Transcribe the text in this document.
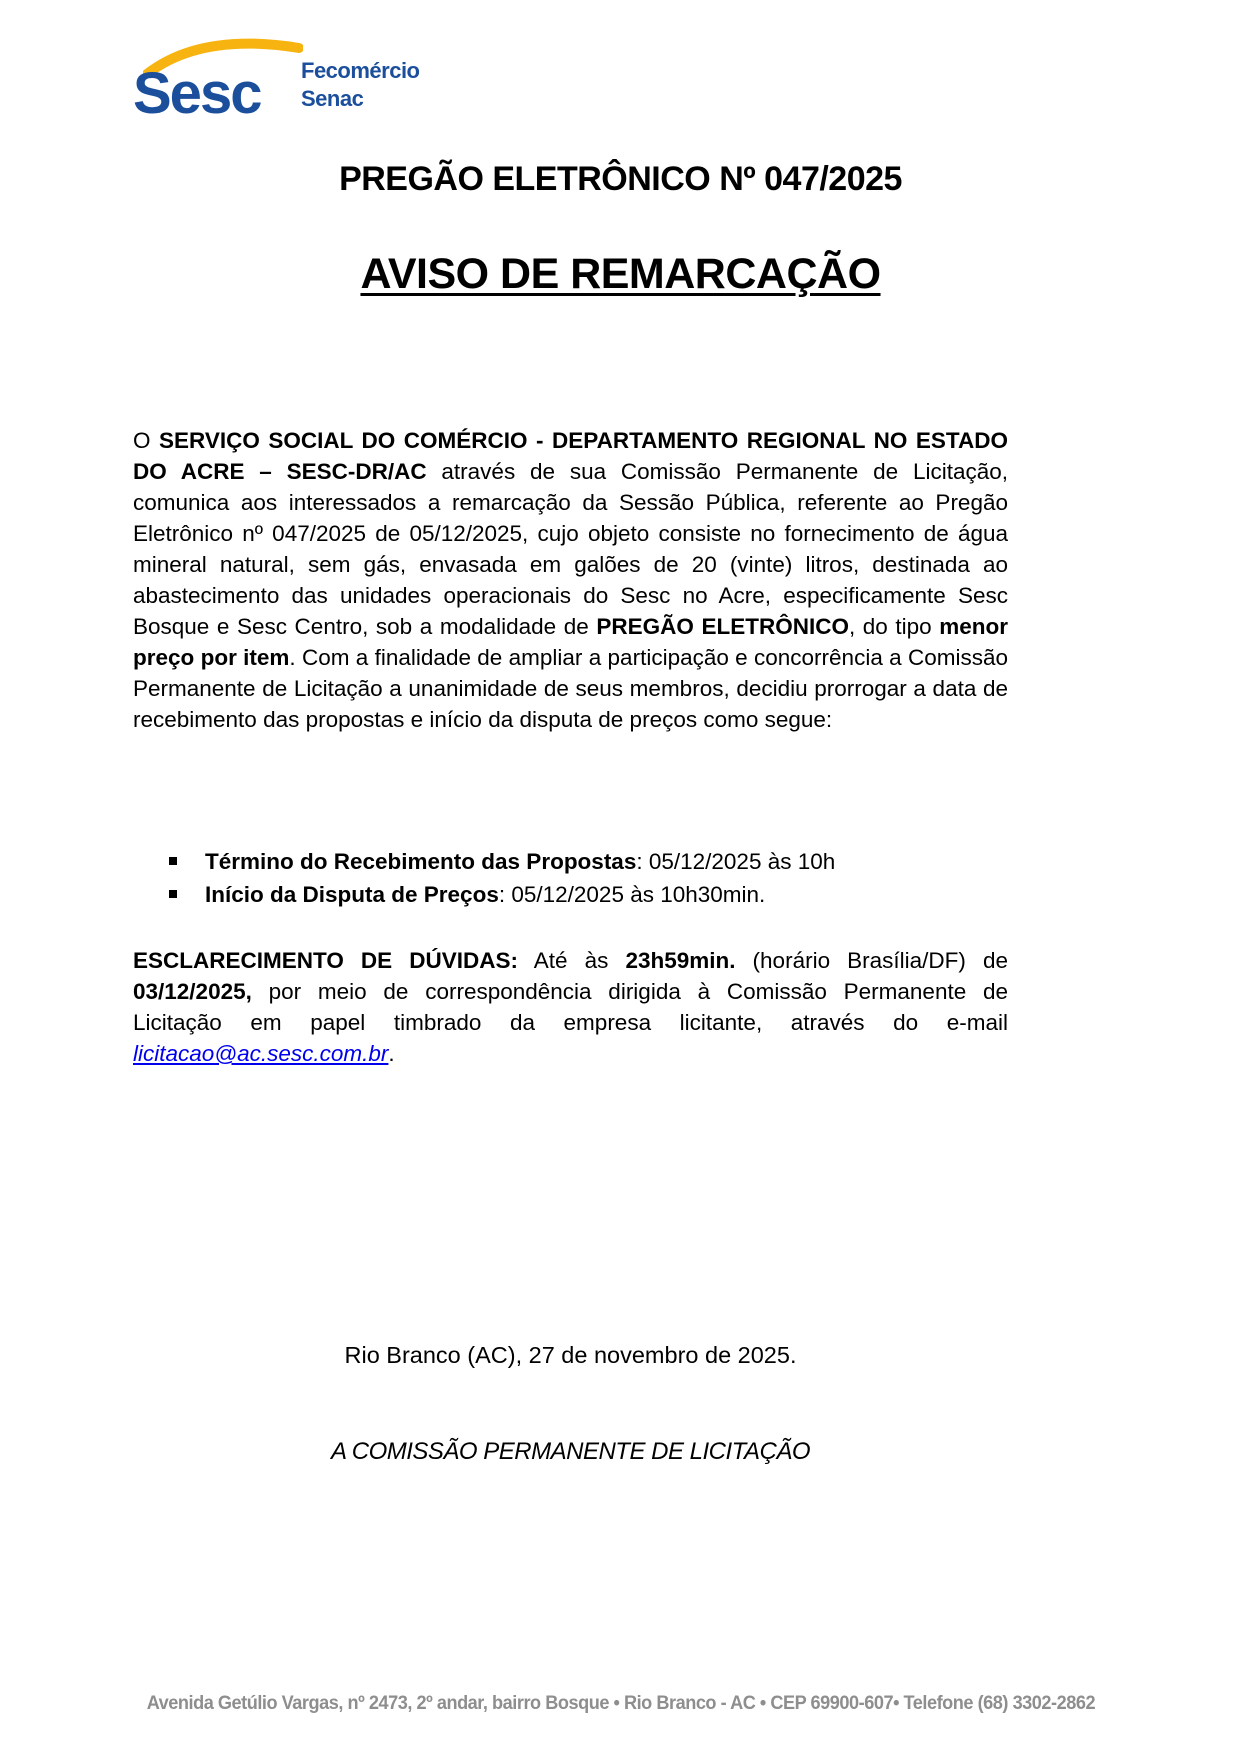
Sesc Fecomércio
Senac
PREGÃO ELETRÔNICO Nº 047/2025
AVISO DE REMARCAÇÃO

O SERVIÇO SOCIAL DO COMÉRCIO - DEPARTAMENTO REGIONAL NO ESTADO DO ACRE – SESC-DR/AC através de sua Comissão Permanente de Licitação, comunica aos interessados a remarcação da Sessão Pública, referente ao Pregão Eletrônico nº 047/2025 de 05/12/2025, cujo objeto consiste no fornecimento de água mineral natural, sem gás, envasada em galões de 20 (vinte) litros, destinada ao abastecimento das unidades operacionais do Sesc no Acre, especificamente Sesc Bosque e Sesc Centro, sob a modalidade de PREGÃO ELETRÔNICO, do tipo menor preço por item. Com a finalidade de ampliar a participação e concorrência a Comissão Permanente de Licitação a unanimidade de seus membros, decidiu prorrogar a data de recebimento das propostas e início da disputa de preços como segue:

Término do Recebimento das Propostas: 05/12/2025 às 10h
Início da Disputa de Preços: 05/12/2025 às 10h30min.

ESCLARECIMENTO DE DÚVIDAS: Até às 23h59min. (horário Brasília/DF) de 03/12/2025, por meio de correspondência dirigida à Comissão Permanente de Licitação em papel timbrado da empresa licitante, através do e-mail licitacao@ac.sesc.com.br.

Rio Branco (AC), 27 de novembro de 2025.
A COMISSÃO PERMANENTE DE LICITAÇÃO
Avenida Getúlio Vargas, nº 2473, 2º andar, bairro Bosque • Rio Branco - AC • CEP 69900-607• Telefone (68) 3302-2862
